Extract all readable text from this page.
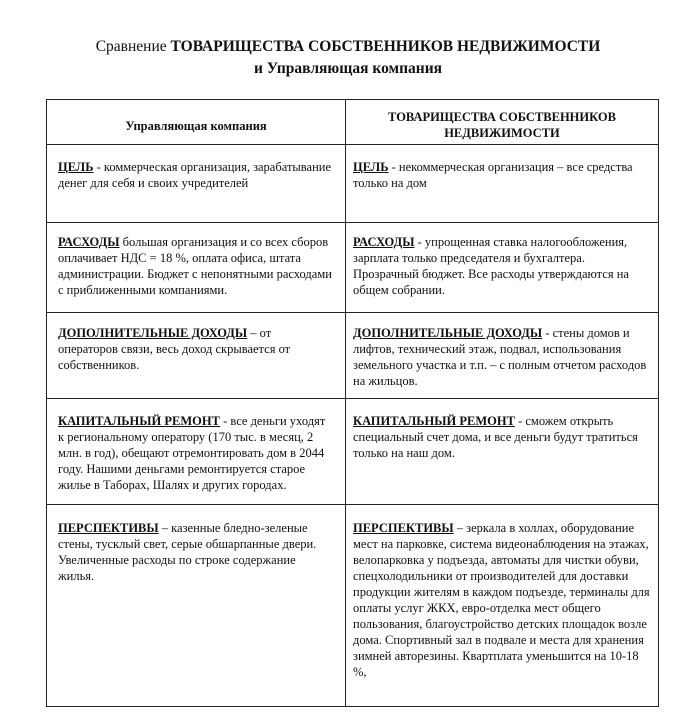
Сравнение ТОВАРИЩЕСТВА СОБСТВЕННИКОВ НЕДВИЖИМОСТИ
и Управляющая компания
Управляющая компания
ТОВАРИЩЕСТВА СОБСТВЕННИКОВ
НЕДВИЖИМОСТИ
ЦЕЛЬ - коммерческая организация, зарабатывание денег для себя и своих учредителей
ЦЕЛЬ - некоммерческая организация – все средства только на дом
РАСХОДЫ большая организация и со всех сборов оплачивает НДС = 18 %, оплата офиса, штата администрации. Бюджет с непонятными расходами с приближенными компаниями.
РАСХОДЫ - упрощенная ставка налогообложения, зарплата только председателя и бухгалтера. Прозрачный бюджет. Все расходы утверждаются на общем собрании.
ДОПОЛНИТЕЛЬНЫЕ ДОХОДЫ – от операторов связи, весь доход скрывается от собственников.
ДОПОЛНИТЕЛЬНЫЕ ДОХОДЫ - стены домов и лифтов, технический этаж, подвал, использования земельного участка и т.п. – с полным отчетом расходов на жильцов.
КАПИТАЛЬНЫЙ РЕМОНТ - все деньги уходят к региональному оператору (170 тыс. в месяц, 2 млн. в год), обещают отремонтировать дом в 2044 году. Нашими деньгами ремонтируется старое жилье в Таборах, Шалях и других городах.
КАПИТАЛЬНЫЙ РЕМОНТ - сможем открыть специальный счет дома, и все деньги будут тратиться только на наш дом.
ПЕРСПЕКТИВЫ – казенные бледно-зеленые стены, тусклый свет, серые обшарпанные двери. Увеличенные расходы по строке содержание жилья.
ПЕРСПЕКТИВЫ – зеркала в холлах, оборудование мест на парковке, система видеонаблюдения на этажах, велопарковка у подъезда, автоматы для чистки обуви, спецхолодильники от производителей для доставки продукции жителям в каждом подъезде, терминалы для оплаты услуг ЖКХ, евро-отделка мест общего пользования, благоустройство детских площадок возле дома. Спортивный зал в подвале и места для хранения зимней авторезины. Квартплата уменьшится на 10-18 %,
